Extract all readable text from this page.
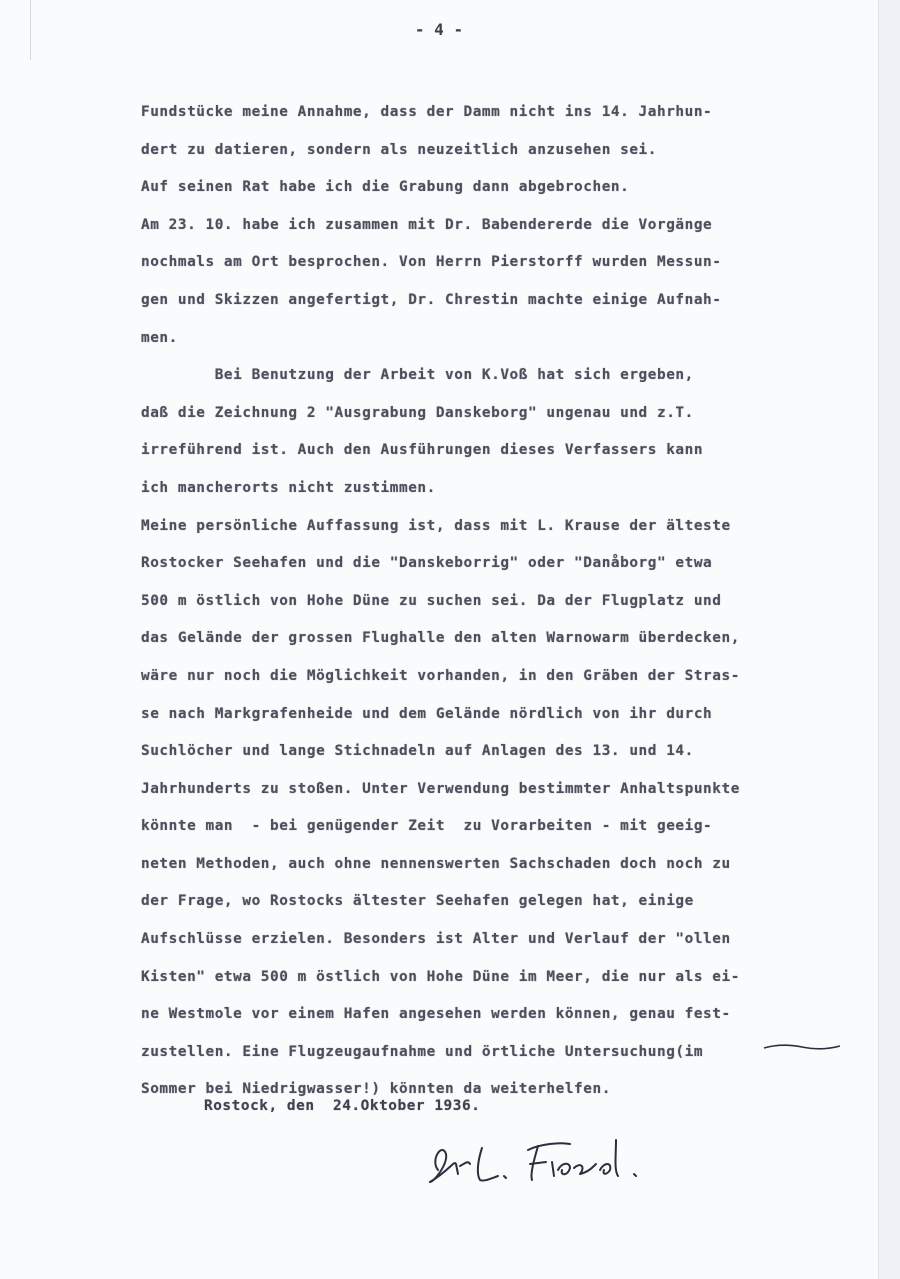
- 4 -
Fundstücke meine Annahme, dass der Damm nicht ins 14. Jahrhun-
dert zu datieren, sondern als neuzeitlich anzusehen sei.
Auf seinen Rat habe ich die Grabung dann abgebrochen.
Am 23. 10. habe ich zusammen mit Dr. Babendererde die Vorgänge
nochmals am Ort besprochen. Von Herrn Pierstorff wurden Messun-
gen und Skizzen angefertigt, Dr. Chrestin machte einige Aufnah-
men.
Bei Benutzung der Arbeit von K.Voß hat sich ergeben,
daß die Zeichnung 2 "Ausgrabung Danskeborg" ungenau und z.T.
irreführend ist. Auch den Ausführungen dieses Verfassers kann
ich mancherorts nicht zustimmen.
Meine persönliche Auffassung ist, dass mit L. Krause der älteste
Rostocker Seehafen und die "Danskeborrig" oder "Danåborg" etwa
500 m östlich von Hohe Düne zu suchen sei. Da der Flugplatz und
das Gelände der grossen Flughalle den alten Warnowarm überdecken,
wäre nur noch die Möglichkeit vorhanden, in den Gräben der Stras-
se nach Markgrafenheide und dem Gelände nördlich von ihr durch
Suchlöcher und lange Stichnadeln auf Anlagen des 13. und 14.
Jahrhunderts zu stoßen. Unter Verwendung bestimmter Anhaltspunkte
könnte man  - bei genügender Zeit  zu Vorarbeiten - mit geeig-
neten Methoden, auch ohne nennenswerten Sachschaden doch noch zu
der Frage, wo Rostocks ältester Seehafen gelegen hat, einige
Aufschlüsse erzielen. Besonders ist Alter und Verlauf der "ollen
Kisten" etwa 500 m östlich von Hohe Düne im Meer, die nur als ei-
ne Westmole vor einem Hafen angesehen werden können, genau fest-
zustellen. Eine Flugzeugaufnahme und örtliche Untersuchung(im
Sommer bei Niedrigwasser!) könnten da weiterhelfen.
Rostock, den  24.Oktober 1936.
